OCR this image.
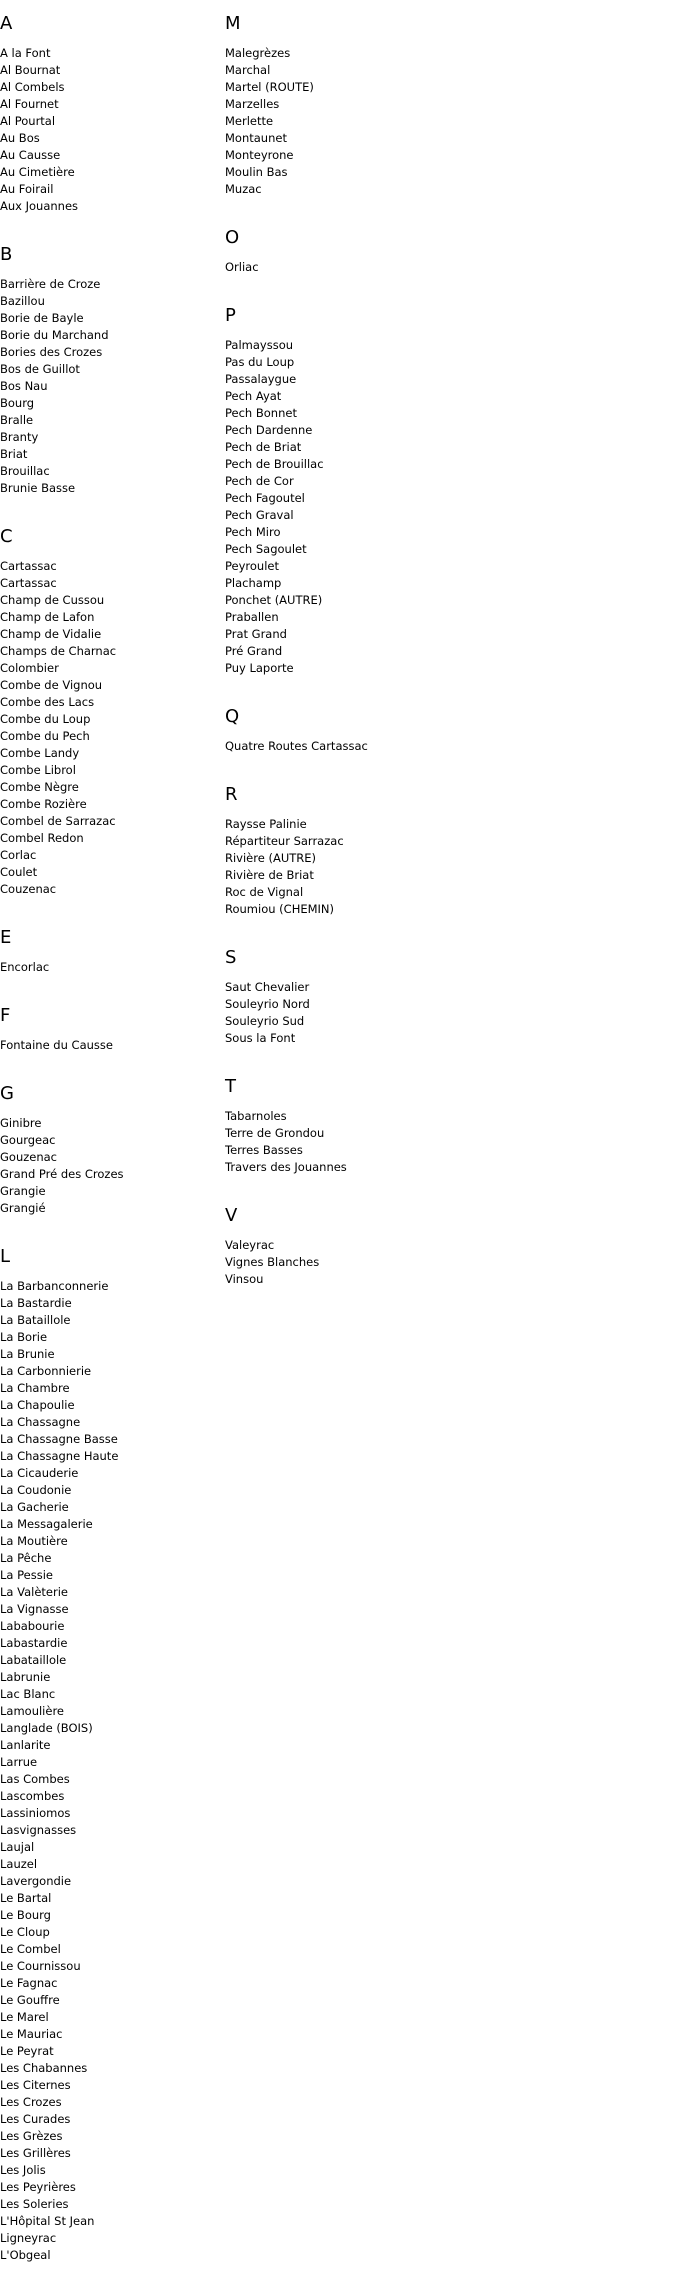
A
A la Font
Al Bournat
Al Combels
Al Fournet
Al Pourtal
Au Bos
Au Causse
Au Cimetière
Au Foirail
Aux Jouannes
B
Barrière de Croze
Bazillou
Borie de Bayle
Borie du Marchand
Bories des Crozes
Bos de Guillot
Bos Nau
Bourg
Bralle
Branty
Briat
Brouillac
Brunie Basse
C
Cartassac
Cartassac
Champ de Cussou
Champ de Lafon
Champ de Vidalie
Champs de Charnac
Colombier
Combe de Vignou
Combe des Lacs
Combe du Loup
Combe du Pech
Combe Landy
Combe Librol
Combe Nègre
Combe Rozière
Combel de Sarrazac
Combel Redon
Corlac
Coulet
Couzenac
E
Encorlac
F
Fontaine du Causse
G
Ginibre
Gourgeac
Gouzenac
Grand Pré des Crozes
Grangie
Grangié
L
La Barbanconnerie
La Bastardie
La Bataillole
La Borie
La Brunie
La Carbonnierie
La Chambre
La Chapoulie
La Chassagne
La Chassagne Basse
La Chassagne Haute
La Cicauderie
La Coudonie
La Gacherie
La Messagalerie
La Moutière
La Pêche
La Pessie
La Valèterie
La Vignasse
Lababourie
Labastardie
Labataillole
Labrunie
Lac Blanc
Lamoulière
Langlade (BOIS)
Lanlarite
Larrue
Las Combes
Lascombes
Lassiniomos
Lasvignasses
Laujal
Lauzel
Lavergondie
Le Bartal
Le Bourg
Le Cloup
Le Combel
Le Cournissou
Le Fagnac
Le Gouffre
Le Marel
Le Mauriac
Le Peyrat
Les Chabannes
Les Citernes
Les Crozes
Les Curades
Les Grèzes
Les Grillères
Les Jolis
Les Peyrières
Les Soleries
L'Hôpital St Jean
Ligneyrac
L'Obgeal
M
Malegrèzes
Marchal
Martel (ROUTE)
Marzelles
Merlette
Montaunet
Monteyrone
Moulin Bas
Muzac
O
Orliac
P
Palmayssou
Pas du Loup
Passalaygue
Pech Ayat
Pech Bonnet
Pech Dardenne
Pech de Briat
Pech de Brouillac
Pech de Cor
Pech Fagoutel
Pech Graval
Pech Miro
Pech Sagoulet
Peyroulet
Plachamp
Ponchet (AUTRE)
Praballen
Prat Grand
Pré Grand
Puy Laporte
Q
Quatre Routes Cartassac
R
Raysse Palinie
Répartiteur Sarrazac
Rivière (AUTRE)
Rivière de Briat
Roc de Vignal
Roumiou (CHEMIN)
S
Saut Chevalier
Souleyrio Nord
Souleyrio Sud
Sous la Font
T
Tabarnoles
Terre de Grondou
Terres Basses
Travers des Jouannes
V
Valeyrac
Vignes Blanches
Vinsou
